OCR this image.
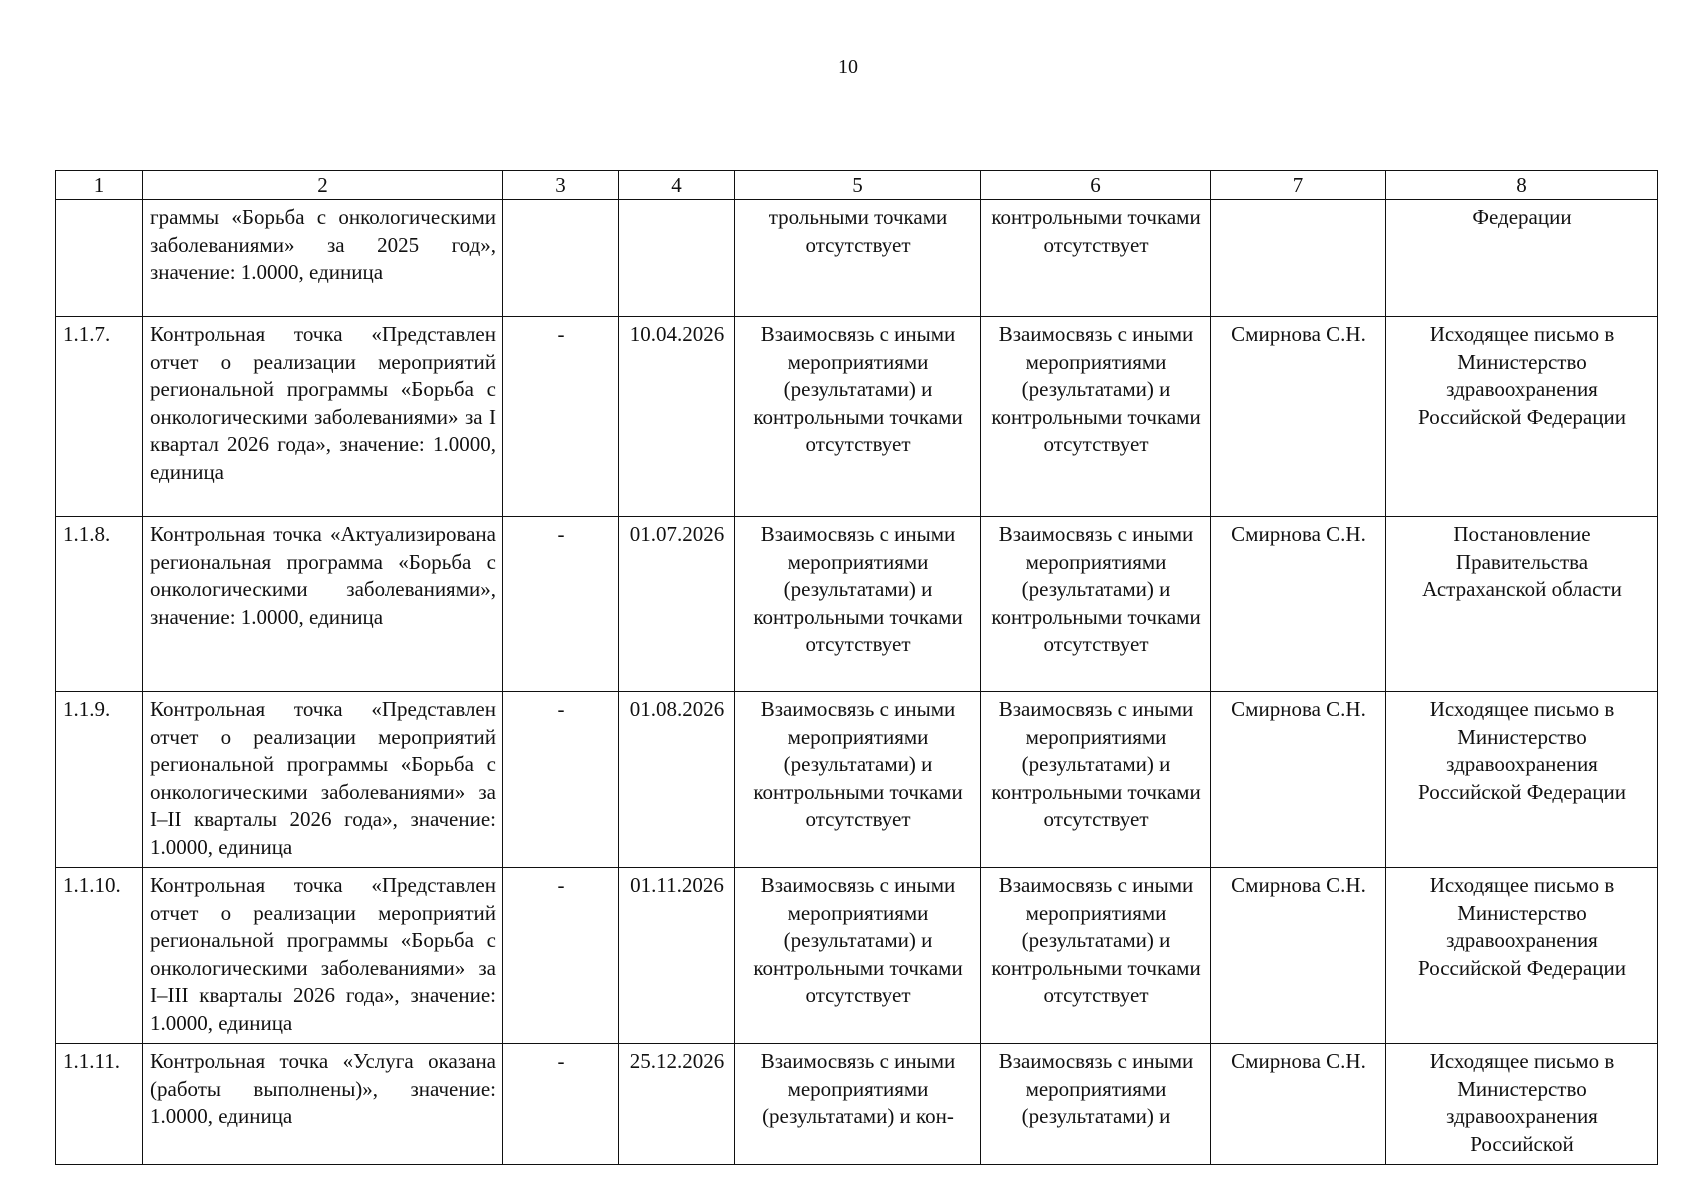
10
1	2	3	4	5	6	7	8
	граммы «Борьба с онкологическими заболеваниями» за 2025 год», значение: 1.0000, единица			трольными точками отсутствует	контрольными точками отсутствует		Федерации
1.1.7.	Контрольная точка «Представлен отчет о реализации мероприятий региональной программы «Борьба с онкологическими заболеваниями» за I квартал 2026 года», значение: 1.0000, единица	-	10.04.2026	Взаимосвязь с иными мероприятиями (результатами) и контрольными точками отсутствует	Взаимосвязь с иными мероприятиями (результатами) и контрольными точками отсутствует	Смирнова С.Н.	Исходящее письмо в Министерство здравоохранения Российской Федерации
1.1.8.	Контрольная точка «Актуализирована региональная программа «Борьба с онкологическими заболеваниями», значение: 1.0000, единица	-	01.07.2026	Взаимосвязь с иными мероприятиями (результатами) и контрольными точками отсутствует	Взаимосвязь с иными мероприятиями (результатами) и контрольными точками отсутствует	Смирнова С.Н.	Постановление Правительства Астраханской области
1.1.9.	Контрольная точка «Представлен отчет о реализации мероприятий региональной программы «Борьба с онкологическими заболеваниями» за I–II кварталы 2026 года», значение: 1.0000, единица	-	01.08.2026	Взаимосвязь с иными мероприятиями (результатами) и контрольными точками отсутствует	Взаимосвязь с иными мероприятиями (результатами) и контрольными точками отсутствует	Смирнова С.Н.	Исходящее письмо в Министерство здравоохранения Российской Федерации
1.1.10.	Контрольная точка «Представлен отчет о реализации мероприятий региональной программы «Борьба с онкологическими заболеваниями» за I–III кварталы 2026 года», значение: 1.0000, единица	-	01.11.2026	Взаимосвязь с иными мероприятиями (результатами) и контрольными точками отсутствует	Взаимосвязь с иными мероприятиями (результатами) и контрольными точками отсутствует	Смирнова С.Н.	Исходящее письмо в Министерство здравоохранения Российской Федерации
1.1.11.	Контрольная точка «Услуга оказана (работы выполнены)», значение: 1.0000, единица	-	25.12.2026	Взаимосвязь с иными мероприятиями (результатами) и кон-	Взаимосвязь с иными мероприятиями (результатами) и	Смирнова С.Н.	Исходящее письмо в Министерство здравоохранения Российской
